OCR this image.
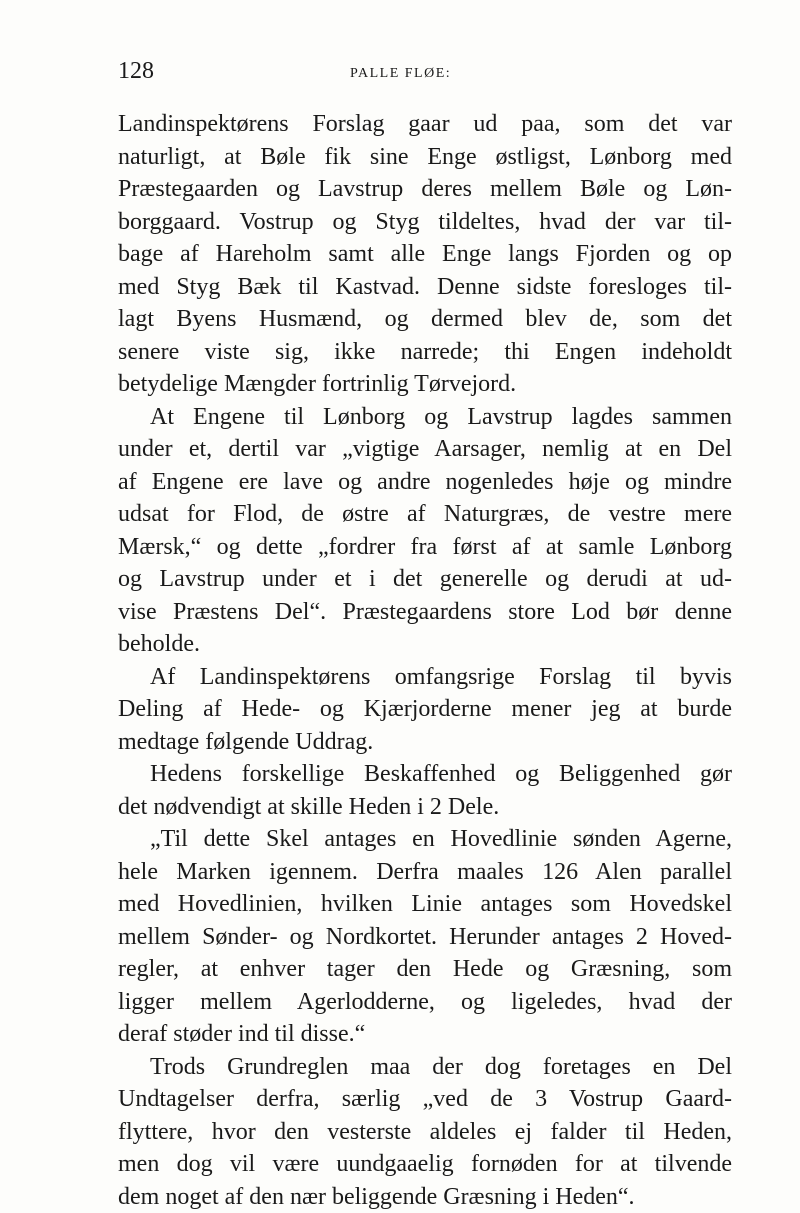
128	PALLE FLØE:
Landinspektørens Forslag gaar ud paa, som det var
naturligt, at Bøle fik sine Enge østligst, Lønborg med
Præstegaarden og Lavstrup deres mellem Bøle og Løn-
borggaard. Vostrup og Styg tildeltes, hvad der var til-
bage af Hareholm samt alle Enge langs Fjorden og op
med Styg Bæk til Kastvad. Denne sidste foresloges til-
lagt Byens Husmænd, og dermed blev de, som det
senere viste sig, ikke narrede; thi Engen indeholdt
betydelige Mængder fortrinlig Tørvejord.
At Engene til Lønborg og Lavstrup lagdes sammen
under et, dertil var „vigtige Aarsager, nemlig at en Del
af Engene ere lave og andre nogenledes høje og mindre
udsat for Flod, de østre af Naturgræs, de vestre mere
Mærsk,“ og dette „fordrer fra først af at samle Lønborg
og Lavstrup under et i det generelle og derudi at ud-
vise Præstens Del“. Præstegaardens store Lod bør denne
beholde.
Af Landinspektørens omfangsrige Forslag til byvis
Deling af Hede- og Kjærjorderne mener jeg at burde
medtage følgende Uddrag.
Hedens forskellige Beskaffenhed og Beliggenhed gør
det nødvendigt at skille Heden i 2 Dele.
„Til dette Skel antages en Hovedlinie sønden Agerne,
hele Marken igennem. Derfra maales 126 Alen parallel
med Hovedlinien, hvilken Linie antages som Hovedskel
mellem Sønder- og Nordkortet. Herunder antages 2 Hoved-
regler, at enhver tager den Hede og Græsning, som
ligger mellem Agerlodderne, og ligeledes, hvad der
deraf støder ind til disse.“
Trods Grundreglen maa der dog foretages en Del
Undtagelser derfra, særlig „ved de 3 Vostrup Gaard-
flyttere, hvor den vesterste aldeles ej falder til Heden,
men dog vil være uundgaaelig fornøden for at tilvende
dem noget af den nær beliggende Græsning i Heden“.
